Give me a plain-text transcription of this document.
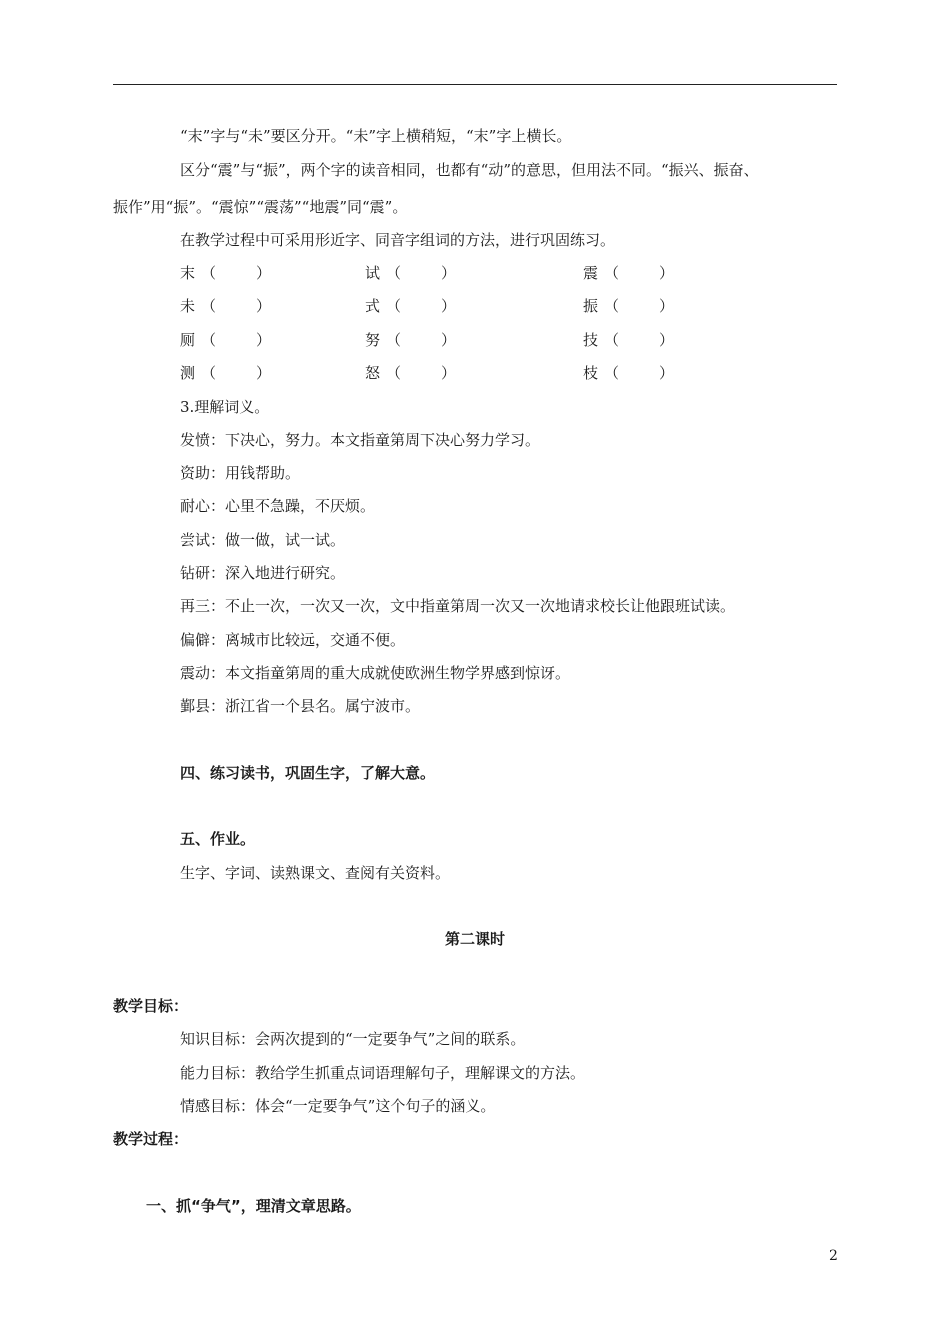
“末”字与“未”要区分开。“未”字上横稍短，“末”字上横长。
区分“震”与“振”，两个字的读音相同，也都有“动”的意思，但用法不同。“振兴、振奋、
振作”用“振”。“震惊”“震荡”“地震”同“震”。
在教学过程中可采用形近字、同音字组词的方法，进行巩固练习。
末 （	）	试 （	）	震 （	）
未 （	）	式 （	）	振 （	）
厕 （	）	努 （	）	技 （	）
测 （	）	怒 （	）	枝 （	）
3.理解词义。
发愤：下决心，努力。本文指童第周下决心努力学习。
资助：用钱帮助。
耐心：心里不急躁，不厌烦。
尝试：做一做，试一试。
钻研：深入地进行研究。
再三：不止一次，一次又一次，文中指童第周一次又一次地请求校长让他跟班试读。
偏僻：离城市比较远，交通不便。
震动：本文指童第周的重大成就使欧洲生物学界感到惊讶。
鄞县：浙江省一个县名。属宁波市。
四、练习读书，巩固生字，了解大意。
五、作业。
生字、字词、读熟课文、查阅有关资料。
第二课时
教学目标：
知识目标：会两次提到的“一定要争气”之间的联系。
能力目标：教给学生抓重点词语理解句子，理解课文的方法。
情感目标：体会“一定要争气”这个句子的涵义。
教学过程：
一、抓“争气”，理清文章思路。
2
